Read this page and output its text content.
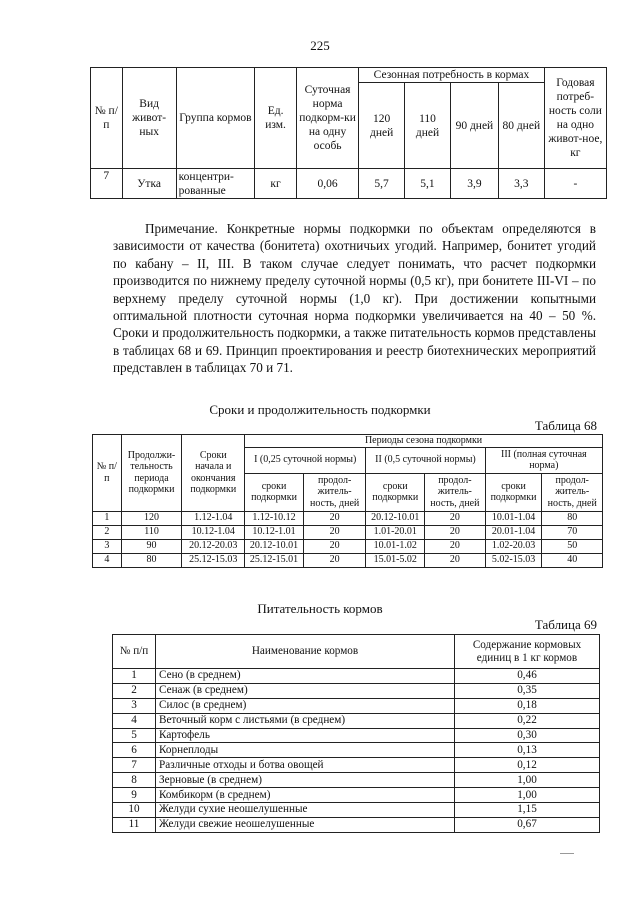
225
№ п/п	Вид живот-ных	Группа кормов	Ед. изм.	Суточная норма подкорм-ки на одну особь	Сезонная потребность в кормах				Годовая потреб-ность соли на одно живот-ное, кг
					120 дней	110 дней	90 дней	80 дней	
7	Утка	концентри-рованные	кг	0,06	5,7	5,1	3,9	3,3	-

Примечание. Конкретные нормы подкормки по объектам определяются в зависимости от качества (бонитета) охотничьих угодий. Например, бонитет угодий по кабану – II, III. В таком случае следует понимать, что расчет подкормки производится по нижнему пределу суточной нормы (0,5 кг), при бонитете III-VI – по верхнему пределу суточной нормы (1,0 кг). При достижении копытными оптимальной плотности суточная норма подкормки увеличивается на 40 – 50 %. Сроки и продолжительность подкормки, а также питательность кормов представлены в таблицах 68 и 69. Принцип проектирования и реестр биотехнических мероприятий представлен в таблицах 70 и 71.

Сроки и продолжительность подкормки
Таблица 68
№ п/п	Продолжи-тельность периода подкормки	Сроки начала и окончания подкормки	Периоды сезона подкормки					
			I (0,25 суточной нормы)		II (0,5 суточной нормы)		III (полная суточная норма)	
			сроки подкормки	продол-житель-ность, дней	сроки подкормки	продол-житель-ность, дней	сроки подкормки	продол-житель-ность, дней
1	120	1.12-1.04	1.12-10.12	20	20.12-10.01	20	10.01-1.04	80
2	110	10.12-1.04	10.12-1.01	20	1.01-20.01	20	20.01-1.04	70
3	90	20.12-20.03	20.12-10.01	20	10.01-1.02	20	1.02-20.03	50
4	80	25.12-15.03	25.12-15.01	20	15.01-5.02	20	5.02-15.03	40
Питательность кормов
Таблица 69
№ п/п	Наименование кормов	Содержание кормовых единиц в 1 кг кормов
1	Сено (в среднем)	0,46
2	Сенаж (в среднем)	0,35
3	Силос (в среднем)	0,18
4	Веточный корм с листьями (в среднем)	0,22
5	Картофель	0,30
6	Корнеплоды	0,13
7	Различные отходы и ботва овощей	0,12
8	Зерновые (в среднем)	1,00
9	Комбикорм (в среднем)	1,00
10	Желуди сухие неошелушенные	1,15
11	Желуди свежие неошелушенные	0,67
